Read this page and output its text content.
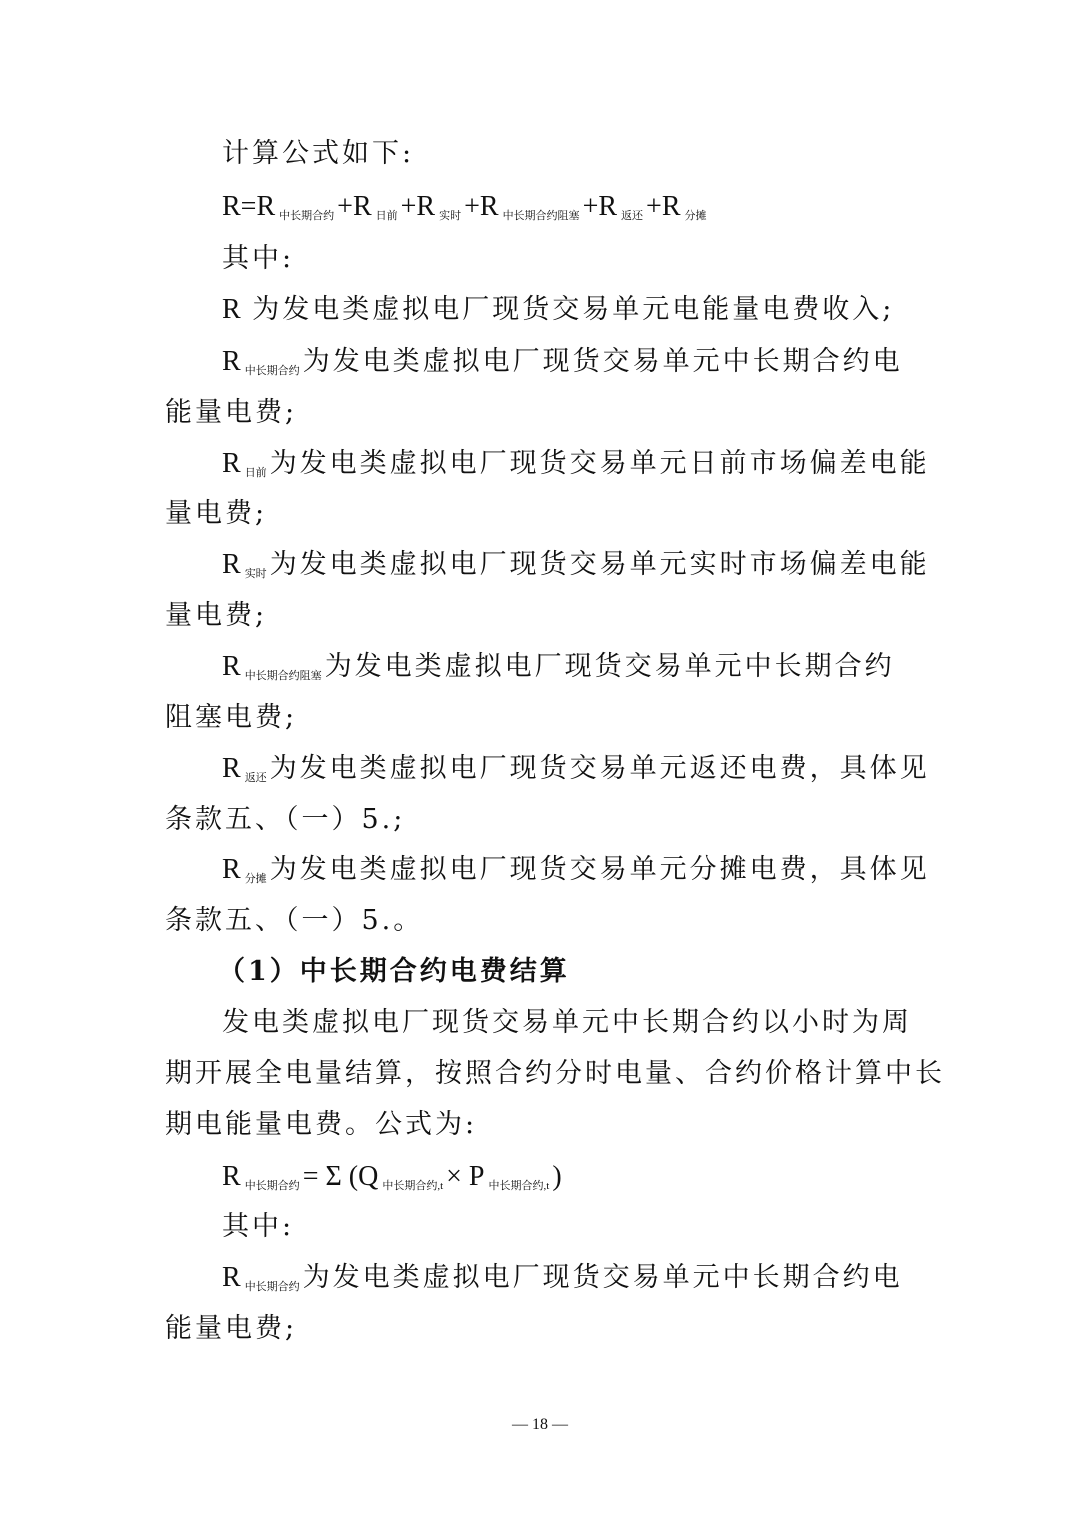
计算公式如下:
R=R 中长期合约 +R 日前 +R 实时 +R 中长期合约阻塞 +R 返还 +R 分摊
其中:
R 为发电类虚拟电厂现货交易单元电能量电费收入;
R中长期合约 为发电类虚拟电厂现货交易单元中长期合约电
能量电费;
R日前 为发电类虚拟电厂现货交易单元日前市场偏差电能
量电费;
R实时 为发电类虚拟电厂现货交易单元实时市场偏差电能
量电费;
R中长期合约阻塞 为发电类虚拟电厂现货交易单元中长期合约
阻塞电费;
R返还 为发电类虚拟电厂现货交易单元返还电费，具体见
条款五、（一）5.;
R分摊 为发电类虚拟电厂现货交易单元分摊电费，具体见
条款五、（一）5.。
（1）中长期合约电费结算
发电类虚拟电厂现货交易单元中长期合约以小时为周
期开展全电量结算，按照合约分时电量、合约价格计算中长
期电能量电费。公式为:
R中长期合约 = Σ (Q 中长期合约,t × P 中长期合约,t )
其中:
R中长期合约 为发电类虚拟电厂现货交易单元中长期合约电
能量电费;
— 18 —
